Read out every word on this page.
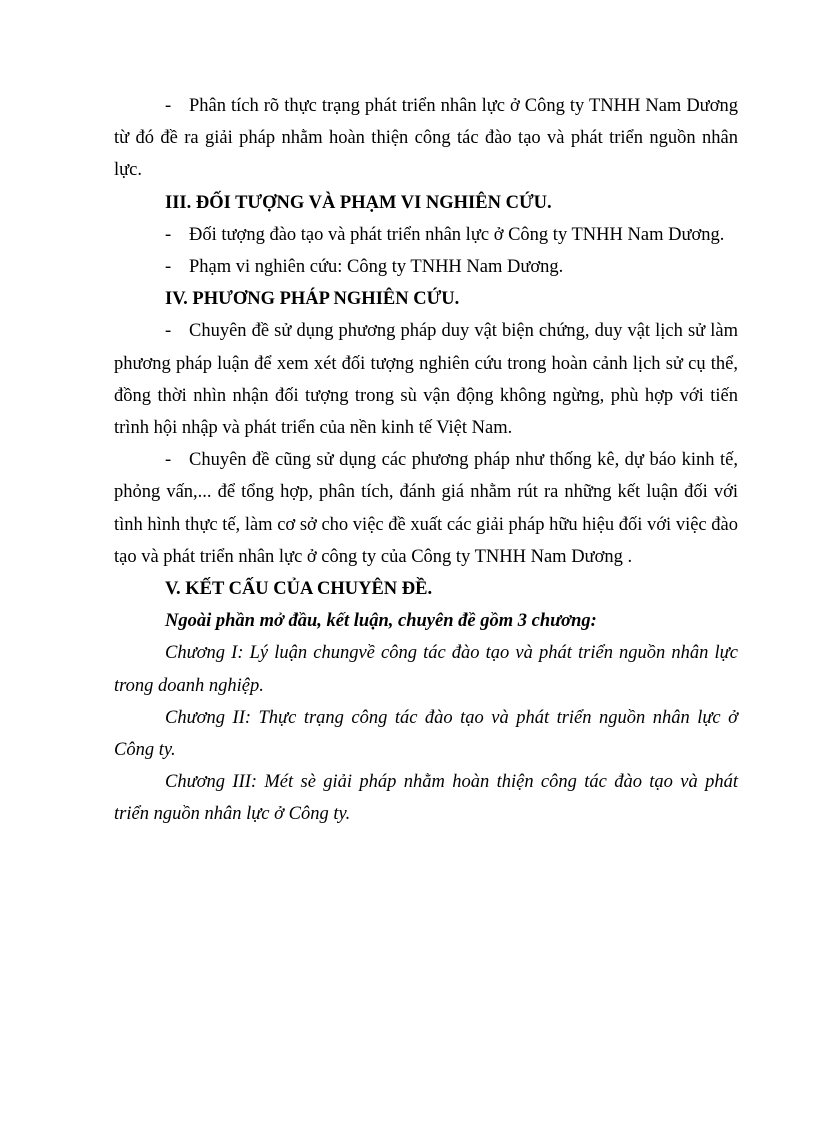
- Phân tích rõ thực trạng phát triển nhân lực ở Công ty TNHH Nam Dương từ đó đề ra giải pháp nhằm hoàn thiện công tác đào tạo và phát triển nguồn nhân lực.

III. ĐỐI TƯỢNG VÀ PHẠM VI NGHIÊN CỨU.

- Đối tượng đào tạo và phát triển nhân lực ở Công ty TNHH Nam Dương.

- Phạm vi nghiên cứu: Công ty TNHH Nam Dương.

IV. PHƯƠNG PHÁP NGHIÊN CỨU.

- Chuyên đề sử dụng phương pháp duy vật biện chứng, duy vật lịch sử làm phương pháp luận để xem xét đối tượng nghiên cứu trong hoàn cảnh lịch sử cụ thể, đồng thời nhìn nhận đối tượng trong sù vận động không ngừng, phù hợp với tiến trình hội nhập và phát triển của nền kinh tế Việt Nam.

- Chuyên đề cũng sử dụng các phương pháp như thống kê, dự báo kinh tế, phỏng vấn,... để tổng hợp, phân tích, đánh giá nhằm rút ra những kết luận đối với tình hình thực tế, làm cơ sở cho việc đề xuất các giải pháp hữu hiệu đối với việc đào tạo và phát triển nhân lực ở công ty của Công ty TNHH Nam Dương .

V. KẾT CẤU CỦA CHUYÊN ĐỀ.

Ngoài phần mở đầu, kết luận, chuyên đề gồm 3 chương:

Chương I: Lý luận chungvề công tác đào tạo và phát triển nguồn nhân lực trong doanh nghiệp.

Chương II: Thực trạng công tác đào tạo và phát triển nguồn nhân lực ở Công ty.

Chương III: Mét sè giải pháp nhằm hoàn thiện công tác đào tạo và phát triển nguồn nhân lực ở Công ty.
